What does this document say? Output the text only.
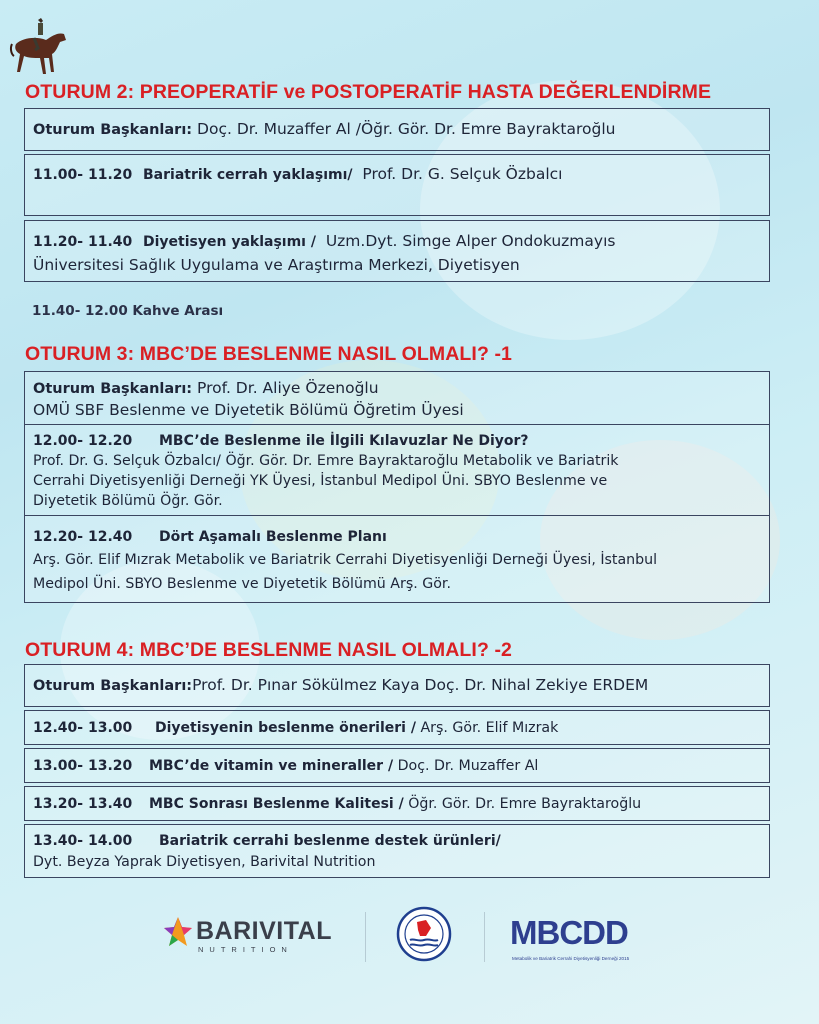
OTURUM 2: PREOPERATİF ve POSTOPERATİF HASTA DEĞERLENDİRME
Oturum Başkanları: Doç. Dr. Muzaffer Al /Öğr. Gör. Dr. Emre Bayraktaroğlu
11.00- 11.20 Bariatrik cerrah yaklaşımı/ Prof. Dr. G. Selçuk Özbalcı
11.20- 11.40 Diyetisyen yaklaşımı / Uzm.Dyt. Simge Alper Ondokuzmayıs
Üniversitesi Sağlık Uygulama ve Araştırma Merkezi, Diyetisyen
11.40- 12.00 Kahve Arası
OTURUM 3: MBC’DE BESLENME NASIL OLMALI? -1
Oturum Başkanları: Prof. Dr. Aliye Özenoğlu
OMÜ SBF Beslenme ve Diyetetik Bölümü Öğretim Üyesi
12.00- 12.20 MBC’de Beslenme ile İlgili Kılavuzlar Ne Diyor?
Prof. Dr. G. Selçuk Özbalcı/ Öğr. Gör. Dr. Emre Bayraktaroğlu Metabolik ve Bariatrik
Cerrahi Diyetisyenliği Derneği YK Üyesi, İstanbul Medipol Üni. SBYO Beslenme ve
Diyetetik Bölümü Öğr. Gör.
12.20- 12.40 Dört Aşamalı Beslenme Planı
Arş. Gör. Elif Mızrak Metabolik ve Bariatrik Cerrahi Diyetisyenliği Derneği Üyesi, İstanbul
Medipol Üni. SBYO Beslenme ve Diyetetik Bölümü Arş. Gör.
OTURUM 4: MBC’DE BESLENME NASIL OLMALI? -2
Oturum Başkanları:Prof. Dr. Pınar Sökülmez Kaya Doç. Dr. Nihal Zekiye ERDEM
12.40- 13.00 Diyetisyenin beslenme önerileri / Arş. Gör. Elif Mızrak
13.00- 13.20 MBC’de vitamin ve mineraller / Doç. Dr. Muzaffer Al
13.20- 13.40 MBC Sonrası Beslenme Kalitesi / Öğr. Gör. Dr. Emre Bayraktaroğlu
13.40- 14.00 Bariatrik cerrahi beslenme destek ürünleri/
Dyt. Beyza Yaprak Diyetisyen, Barivital Nutrition
BARIVITAL
NUTRITION	MBCDD
Metabolik ve Bariatrik Cerrahi Diyetisyenliği Derneği 2015
